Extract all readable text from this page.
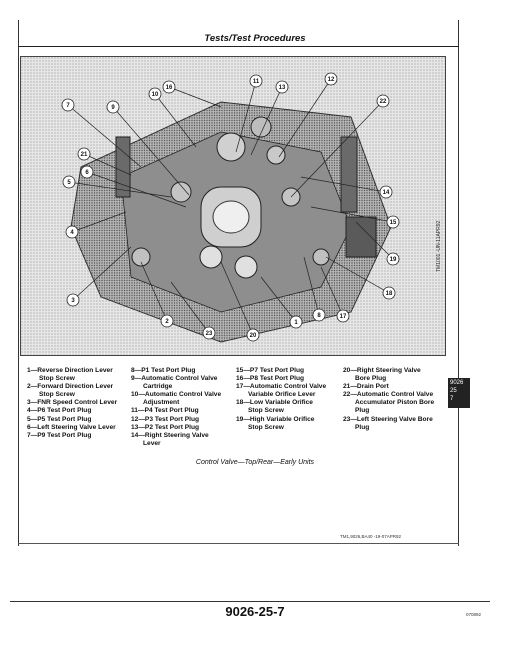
Tests/Test Procedures
7	9
10
16
11	12
13
22
14
15
19
18
17
8
1
20
23
2
3
4
5
6
21
TM1001 -UN-11APR92
1—Reverse Direction Lever
Stop Screw
2—Forward Direction Lever
Stop Screw
3—FNR Speed Control Lever
4—P6 Test Port Plug
5—P5 Test Port Plug
6—Left Steering Valve Lever
7—P9 Test Port Plug
8—P1 Test Port Plug
9—Automatic Control Valve
Cartridge
10—Automatic Control Valve
Adjustment
11—P4 Test Port Plug
12—P3 Test Port Plug
13—P2 Test Port Plug
14—Right Steering Valve
Lever
15—P7 Test Port Plug
16—P8 Test Port Plug
17—Automatic Control Valve
Variable Orifice Lever
18—Low Variable Orifice
Stop Screw
19—High Variable Orifice
Stop Screw
20—Right Steering Valve
Bore Plug
21—Drain Port
22—Automatic Control Valve
Accumulator Piston Bore
Plug
23—Left Steering Valve Bore
Plug
Control Valve—Top/Rear—Early Units
9026
25
7
TM1,9026,BA40 -19-07APR92
9026-25-7	070892
